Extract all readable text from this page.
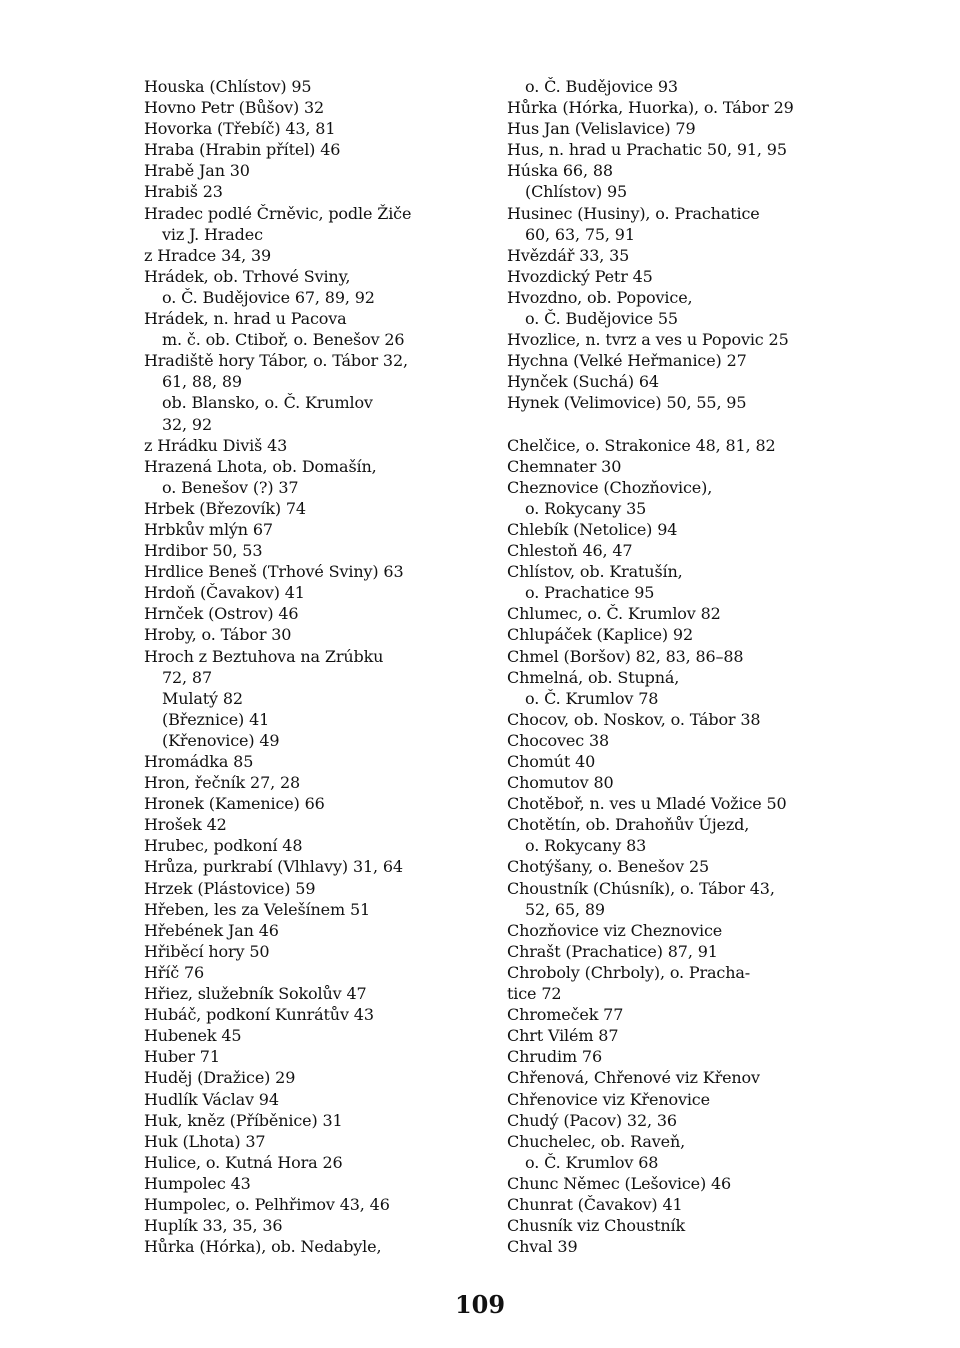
Houska (Chlístov) 95
Hovno Petr (Bůšov) 32
Hovorka (Třebíč) 43, 81
Hraba (Hrabin přítel) 46
Hrabě Jan 30
Hrabiš 23
Hradec podlé Črněvic, podle Žiče
viz J. Hradec
z Hradce 34, 39
Hrádek, ob. Trhové Sviny,
o. Č. Budějovice 67, 89, 92
Hrádek, n. hrad u Pacova
m. č. ob. Ctiboř, o. Benešov 26
Hradiště hory Tábor, o. Tábor 32,
61, 88, 89
ob. Blansko, o. Č. Krumlov
32, 92
z Hrádku Diviš 43
Hrazená Lhota, ob. Domašín,
o. Benešov (?) 37
Hrbek (Březovík) 74
Hrbkův mlýn 67
Hrdibor 50, 53
Hrdlice Beneš (Trhové Sviny) 63
Hrdoň (Čavakov) 41
Hrnček (Ostrov) 46
Hroby, o. Tábor 30
Hroch z Beztuhova na Zrúbku
72, 87
Mulatý 82
(Březnice) 41
(Křenovice) 49
Hromádka 85
Hron, řečník 27, 28
Hronek (Kamenice) 66
Hrošek 42
Hrubec, podkoní 48
Hrůza, purkrabí (Vlhlavy) 31, 64
Hrzek (Plástovice) 59
Hřeben, les za Velešínem 51
Hřebének Jan 46
Hřiběcí hory 50
Hříč 76
Hřiez, služebník Sokolův 47
Hubáč, podkoní Kunrátův 43
Hubenek 45
Huber 71
Huděj (Dražice) 29
Hudlík Václav 94
Huk, kněz (Příběnice) 31
Huk (Lhota) 37
Hulice, o. Kutná Hora 26
Humpolec 43
Humpolec, o. Pelhřimov 43, 46
Huplík 33, 35, 36
Hůrka (Hórka), ob. Nedabyle,
o. Č. Budějovice 93
Hůrka (Hórka, Huorka), o. Tábor 29
Hus Jan (Velislavice) 79
Hus, n. hrad u Prachatic 50, 91, 95
Húska 66, 88
(Chlístov) 95
Husinec (Husiny), o. Prachatice
60, 63, 75, 91
Hvězdář 33, 35
Hvozdický Petr 45
Hvozdno, ob. Popovice,
o. Č. Budějovice 55
Hvozlice, n. tvrz a ves u Popovic 25
Hychna (Velké Heřmanice) 27
Hynček (Suchá) 64
Hynek (Velimovice) 50, 55, 95
Chelčice, o. Strakonice 48, 81, 82
Chemnater 30
Cheznovice (Chozňovice),
o. Rokycany 35
Chlebík (Netolice) 94
Chlestoň 46, 47
Chlístov, ob. Kratušín,
o. Prachatice 95
Chlumec, o. Č. Krumlov 82
Chlupáček (Kaplice) 92
Chmel (Boršov) 82, 83, 86–88
Chmelná, ob. Stupná,
o. Č. Krumlov 78
Chocov, ob. Noskov, o. Tábor 38
Chocovec 38
Chomút 40
Chomutov 80
Chotěboř, n. ves u Mladé Vožice 50
Chotětín, ob. Drahoňův Újezd,
o. Rokycany 83
Chotýšany, o. Benešov 25
Choustník (Chúsník), o. Tábor 43,
52, 65, 89
Chozňovice viz Cheznovice
Chrašt (Prachatice) 87, 91
Chroboly (Chrboly), o. Pracha-
tice 72
Chromeček 77
Chrt Vilém 87
Chrudim 76
Chřenová, Chřenové viz Křenov
Chřenovice viz Křenovice
Chudý (Pacov) 32, 36
Chuchelec, ob. Raveň,
o. Č. Krumlov 68
Chunc Němec (Lešovice) 46
Chunrat (Čavakov) 41
Chusník viz Choustník
Chval 39
109
